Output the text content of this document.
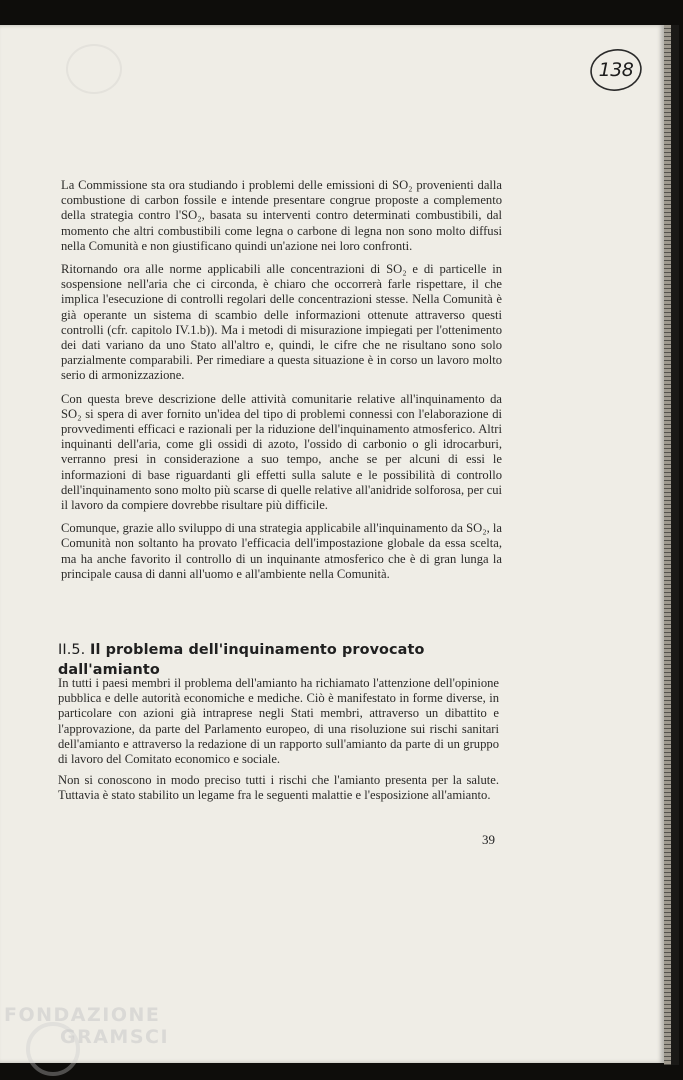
138

La Commissione sta ora studiando i problemi delle emissioni di SO₂ provenienti dalla combustione di carbon fossile e intende presentare congrue proposte a complemento della strategia contro l'SO₂, basata su interventi contro determinati combustibili, dal momento che altri combustibili come legna o carbone di legna non sono molto diffusi nella Comunità e non giustificano quindi un'azione nei loro confronti.

Ritornando ora alle norme applicabili alle concentrazioni di SO₂ e di particelle in sospensione nell'aria che ci circonda, è chiaro che occorrerà farle rispettare, il che implica l'esecuzione di controlli regolari delle concentrazioni stesse. Nella Comunità è già operante un sistema di scambio delle informazioni ottenute attraverso questi controlli (cfr. capitolo IV.1.b)). Ma i metodi di misurazione impiegati per l'ottenimento dei dati variano da uno Stato all'altro e, quindi, le cifre che ne risultano sono solo parzialmente comparabili. Per rimediare a questa situazione è in corso un lavoro molto serio di armonizzazione.

Con questa breve descrizione delle attività comunitarie relative all'inquinamento da SO₂ si spera di aver fornito un'idea del tipo di problemi connessi con l'elaborazione di provvedimenti efficaci e razionali per la riduzione dell'inquinamento atmosferico. Altri inquinanti dell'aria, come gli ossidi di azoto, l'ossido di carbonio o gli idrocarburi, verranno presi in considerazione a suo tempo, anche se per alcuni di essi le informazioni di base riguardanti gli effetti sulla salute e le possibilità di controllo dell'inquinamento sono molto più scarse di quelle relative all'anidride solforosa, per cui il lavoro da compiere dovrebbe risultare più difficile.

Comunque, grazie allo sviluppo di una strategia applicabile all'inquinamento da SO₂, la Comunità non soltanto ha provato l'efficacia dell'impostazione globale da essa scelta, ma ha anche favorito il controllo di un inquinante atmosferico che è di gran lunga la principale causa di danni all'uomo e all'ambiente nella Comunità.

II.5. Il problema dell'inquinamento provocato dall'amianto

In tutti i paesi membri il problema dell'amianto ha richiamato l'attenzione dell'opinione pubblica e delle autorità economiche e mediche. Ciò è manifestato in forme diverse, in particolare con azioni già intraprese negli Stati membri, attraverso un dibattito e l'approvazione, da parte del Parlamento europeo, di una risoluzione sui rischi sanitari dell'amianto e attraverso la redazione di un rapporto sull'amianto da parte di un gruppo di lavoro del Comitato economico e sociale.

Non si conoscono in modo preciso tutti i rischi che l'amianto presenta per la salute. Tuttavia è stato stabilito un legame fra le seguenti malattie e l'esposizione all'amianto.

39
FONDAZIONE
GRAMSCI
